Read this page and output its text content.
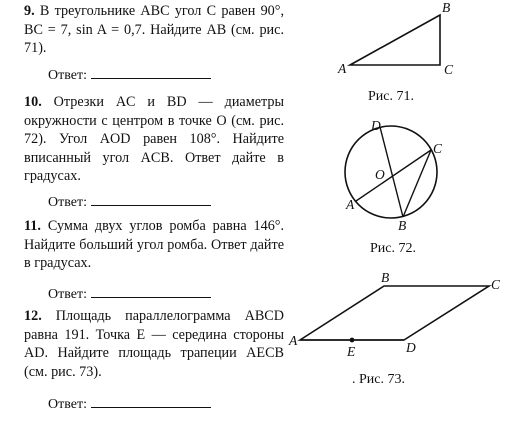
9. В треугольнике ABC угол C равен 90°, BC = 7, sin A = 0,7. Найдите AB (см. рис. 71).

10. Отрезки AC и BD — диаметры окружности с центром в точке O (см. рис. 72). Угол AOD равен 108°. Найдите вписанный угол ACB. Ответ дайте в градусах.

11. Сумма двух углов ромба равна 146°. Найдите больший угол ромба. Ответ дайте в градусах.

12. Площадь параллелограмма ABCD равна 191. Точка E — середина стороны AD. Найдите площадь трапеции AECB (см. рис. 73).

Ответ:
Ответ:
Ответ:
Ответ:
A
B
C
D
C
O
A
B
A
B	C
D
E
Рис. 71.
Рис. 72.
. Рис. 73.
